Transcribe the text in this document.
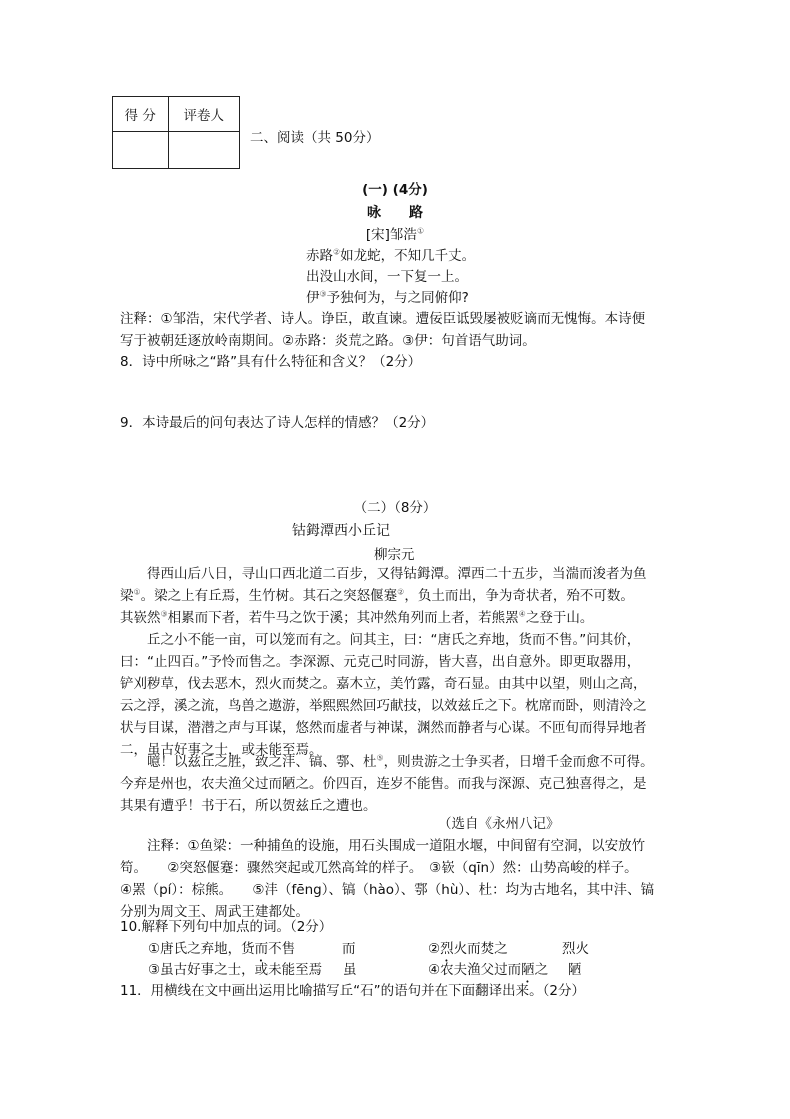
得 分	评卷人

二、阅读（共 50分）
(一) (4分)
咏　　路
[宋]邹浩①
赤路②如龙蛇，不知几千丈。
出没山水间，一下复一上。
伊③予独何为，与之同俯仰?
注释：①邹浩，宋代学者、诗人。诤臣，敢直谏。遭佞臣诋毁屡被贬谪而无愧悔。本诗便
写于被朝廷逐放岭南期间。②赤路：炎荒之路。③伊：句首语气助词。
8．诗中所咏之“路”具有什么特征和含义？（2分）
9．本诗最后的问句表达了诗人怎样的情感？（2分）
（二）（8分）
钴鉧潭西小丘记
柳宗元
　　得西山后八日，寻山口西北道二百步，又得钴鉧潭。潭西二十五步，当湍而浚者为鱼
梁①。梁之上有丘焉，生竹树。其石之突怒偃蹇②，负土而出，争为奇状者，殆不可数。
其嵚然③相累而下者，若牛马之饮于溪；其冲然角列而上者，若熊罴④之登于山。
　　丘之小不能一亩，可以笼而有之。问其主，曰：“唐氏之弃地，货而不售。”问其价，
曰：“止四百。”予怜而售之。李深源、元克己时同游，皆大喜，出自意外。即更取器用，
铲刈秽草，伐去恶木，烈火而焚之。嘉木立，美竹露，奇石显。由其中以望，则山之高，
云之浮，溪之流，鸟兽之遨游，举熙熙然回巧献技，以效兹丘之下。枕席而卧，则清泠之
状与目谋，潜潜之声与耳谋，悠然而虚者与神谋，渊然而静者与心谋。不匝旬而得异地者
二，虽古好事之士，或未能至焉。
　　噫！以兹丘之胜，致之沣、镐、鄠、杜⑤，则贵游之士争买者，日增千金而愈不可得。
今弃是州也，农夫渔父过而陋之。价四百，连岁不能售。而我与深源、克己独喜得之，是
其果有遭乎！书于石，所以贺兹丘之遭也。
（选自《永州八记》
　　注释：①鱼梁：一种捕鱼的设施，用石头围成一道阻水堰，中间留有空洞，以安放竹
笱。　　②突怒偃蹇：骤然突起或兀然高耸的样子。　③嵚（qīn）然：山势高峻的样子。
④罴（pí）：棕熊。　　⑤沣（fēng）、镐（hào）、鄠（hù）、杜：均为古地名，其中沣、镐
分别为周文王、周武王建都处。
10.解释下列句中加点的词。（2分）
①唐氏之弃地，货而不售	而	②烈火而焚之	烈火
③虽古好事之士，或未能至焉 虽	④农夫渔父过而陋之 陋
11．用横线在文中画出运用比喻描写丘“石”的语句并在下面翻译出来。（2分）
